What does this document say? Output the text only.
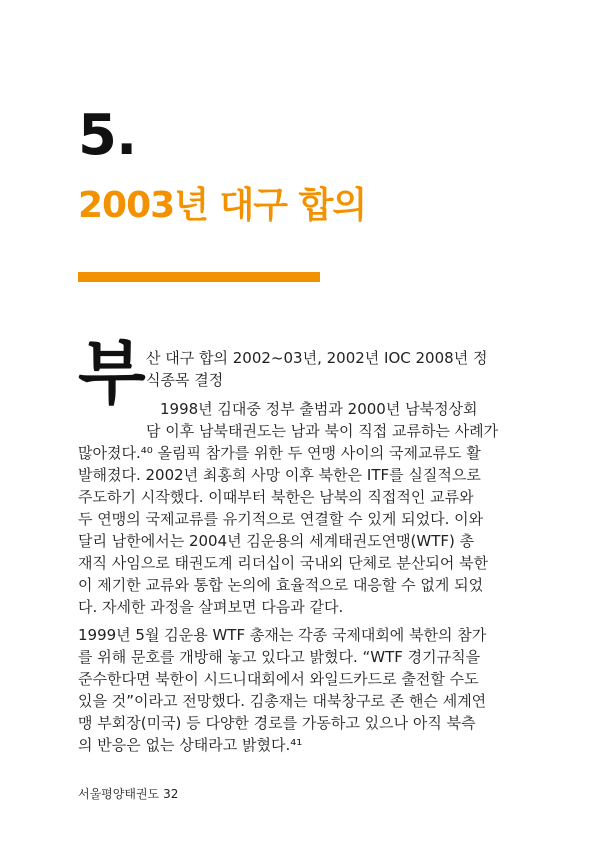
5.
2003년 대구 합의
부 산 대구 합의 2002~03년, 2002년 IOC 2008년 정
식종목 결정
1998년 김대중 정부 출범과 2000년 남북정상회
담 이후 남북태권도는 남과 북이 직접 교류하는 사례가
많아졌다.⁴⁰ 올림픽 참가를 위한 두 연맹 사이의 국제교류도 활
발해졌다. 2002년 최홍희 사망 이후 북한은 ITF를 실질적으로
주도하기 시작했다. 이때부터 북한은 남북의 직접적인 교류와
두 연맹의 국제교류를 유기적으로 연결할 수 있게 되었다. 이와
달리 남한에서는 2004년 김운용의 세계태권도연맹(WTF) 총
재직 사임으로 태권도계 리더십이 국내외 단체로 분산되어 북한
이 제기한 교류와 통합 논의에 효율적으로 대응할 수 없게 되었
다. 자세한 과정을 살펴보면 다음과 같다.
1999년 5월 김운용 WTF 총재는 각종 국제대회에 북한의 참가
를 위해 문호를 개방해 놓고 있다고 밝혔다. “WTF 경기규칙을
준수한다면 북한이 시드니대회에서 와일드카드로 출전할 수도
있을 것”이라고 전망했다. 김총재는 대북창구로 존 핸슨 세계연
맹 부회장(미국) 등 다양한 경로를 가동하고 있으나 아직 북측
의 반응은 없는 상태라고 밝혔다.⁴¹
서울평양태권도 32
